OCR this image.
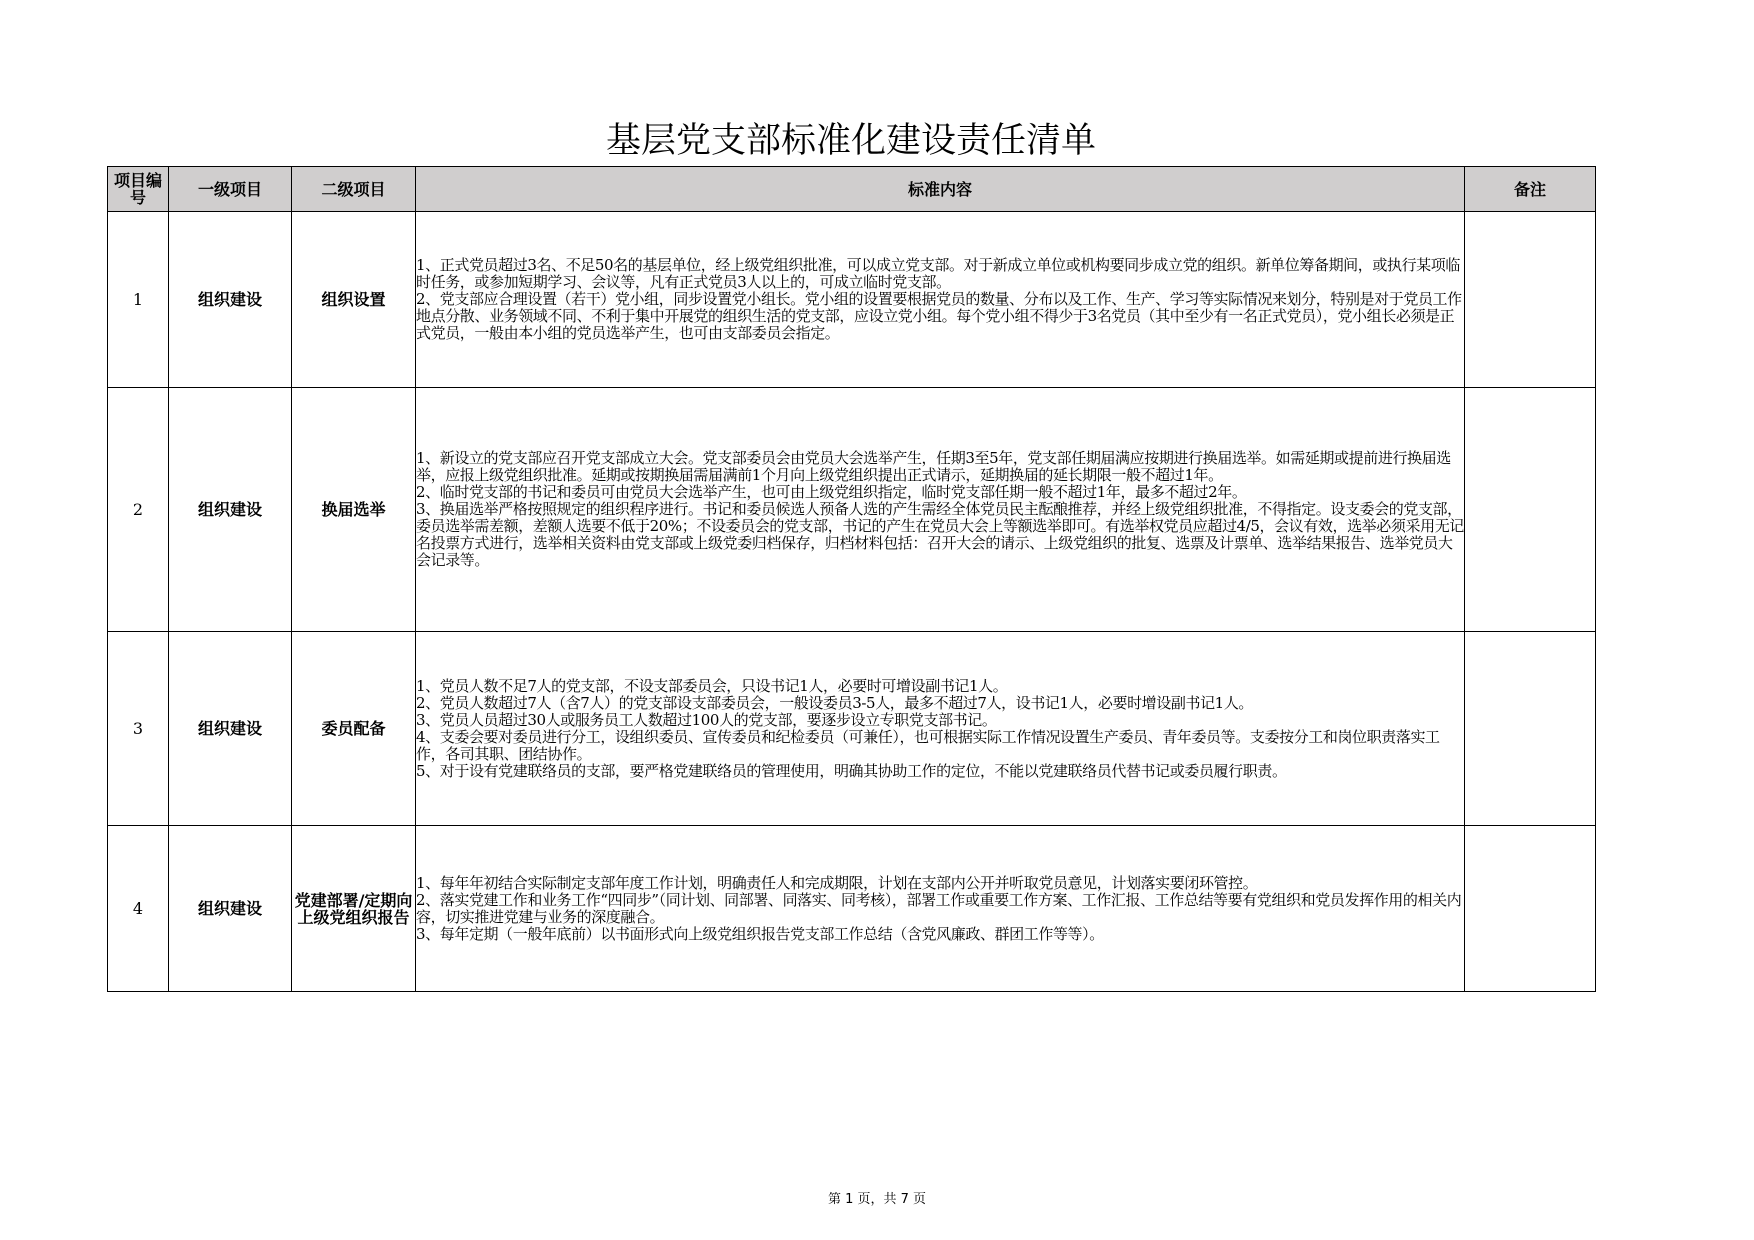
基层党支部标准化建设责任清单
项目编号	一级项目	二级项目	标准内容	备注
1	组织建设	组织设置	1、正式党员超过3名、不足50名的基层单位，经上级党组织批准，可以成立党支部。对于新成立单位或机构要同步成立党的组织。新单位筹备期间，或执行某项临时任务，或参加短期学习、会议等，凡有正式党员3人以上的，可成立临时党支部。
2、党支部应合理设置（若干）党小组，同步设置党小组长。党小组的设置要根据党员的数量、分布以及工作、生产、学习等实际情况来划分，特别是对于党员工作地点分散、业务领域不同、不利于集中开展党的组织生活的党支部，应设立党小组。每个党小组不得少于3名党员（其中至少有一名正式党员），党小组长必须是正式党员，一般由本小组的党员选举产生，也可由支部委员会指定。	

2	组织建设	换届选举	1、新设立的党支部应召开党支部成立大会。党支部委员会由党员大会选举产生，任期3至5年，党支部任期届满应按期进行换届选举。如需延期或提前进行换届选举，应报上级党组织批准。延期或按期换届需届满前1个月向上级党组织提出正式请示，延期换届的延长期限一般不超过1年。
2、临时党支部的书记和委员可由党员大会选举产生，也可由上级党组织指定，临时党支部任期一般不超过1年，最多不超过2年。
3、换届选举严格按照规定的组织程序进行。书记和委员候选人预备人选的产生需经全体党员民主酝酿推荐，并经上级党组织批准，不得指定。设支委会的党支部，委员选举需差额，差额人选要不低于20%；不设委员会的党支部，书记的产生在党员大会上等额选举即可。有选举权党员应超过4/5，会议有效，选举必须采用无记名投票方式进行，选举相关资料由党支部或上级党委归档保存，归档材料包括：召开大会的请示、上级党组织的批复、选票及计票单、选举结果报告、选举党员大会记录等。	

3	组织建设	委员配备	1、党员人数不足7人的党支部，不设支部委员会，只设书记1人，必要时可增设副书记1人。
2、党员人数超过7人（含7人）的党支部设支部委员会，一般设委员3-5人，最多不超过7人，设书记1人，必要时增设副书记1人。
3、党员人员超过30人或服务员工人数超过100人的党支部，要逐步设立专职党支部书记。
4、支委会要对委员进行分工，设组织委员、宣传委员和纪检委员（可兼任），也可根据实际工作情况设置生产委员、青年委员等。支委按分工和岗位职责落实工作，各司其职、团结协作。
5、对于设有党建联络员的支部，要严格党建联络员的管理使用，明确其协助工作的定位，不能以党建联络员代替书记或委员履行职责。	

4	组织建设	党建部署/定期向上级党组织报告	1、每年年初结合实际制定支部年度工作计划，明确责任人和完成期限，计划在支部内公开并听取党员意见，计划落实要闭环管控。
2、落实党建工作和业务工作“四同步”（同计划、同部署、同落实、同考核），部署工作或重要工作方案、工作汇报、工作总结等要有党组织和党员发挥作用的相关内容，切实推进党建与业务的深度融合。
3、每年定期（一般年底前）以书面形式向上级党组织报告党支部工作总结（含党风廉政、群团工作等等）。	

第 1 页，共 7 页
